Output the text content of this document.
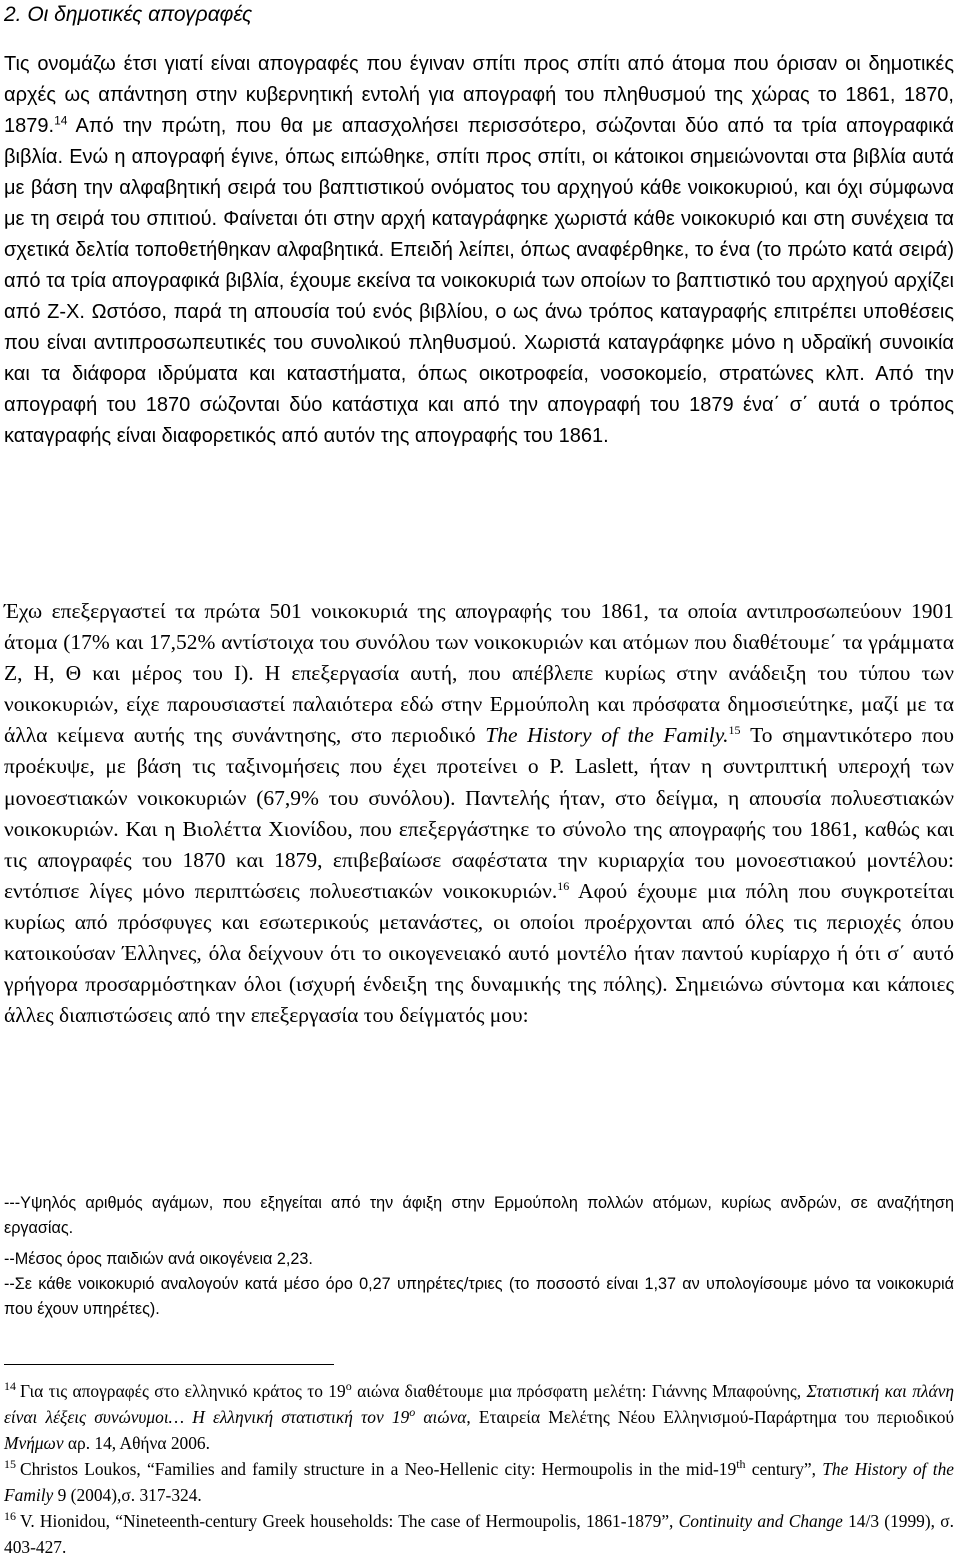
2. Οι δημοτικές απογραφές

Τις ονομάζω έτσι γιατί είναι απογραφές που έγιναν σπίτι προς σπίτι από άτομα που όρισαν οι δημοτικές αρχές ως απάντηση στην κυβερνητική εντολή για απογραφή του πληθυσμού της χώρας το 1861, 1870, 1879.14 Από την πρώτη, που θα με απασχολήσει περισσότερο, σώζονται δύο από τα τρία απογραφικά βιβλία. Ενώ η απογραφή έγινε, όπως ειπώθηκε, σπίτι προς σπίτι, οι κάτοικοι σημειώνονται στα βιβλία αυτά με βάση την αλφαβητική σειρά του βαπτιστικού ονόματος του αρχηγού κάθε νοικοκυριού, και όχι σύμφωνα με τη σειρά του σπιτιού. Φαίνεται ότι στην αρχή καταγράφηκε χωριστά κάθε νοικοκυριό και στη συνέχεια τα σχετικά δελτία τοποθετήθηκαν αλφαβητικά. Επειδή λείπει, όπως αναφέρθηκε, το ένα (το πρώτο κατά σειρά) από τα τρία απογραφικά βιβλία, έχουμε εκείνα τα νοικοκυριά των οποίων το βαπτιστικό του αρχηγού αρχίζει από Ζ-Χ. Ωστόσο, παρά τη απουσία τού ενός βιβλίου, ο ως άνω τρόπος καταγραφής επιτρέπει υποθέσεις που είναι αντιπροσωπευτικές του συνολικού πληθυσμού. Χωριστά καταγράφηκε μόνο η υδραϊκή συνοικία και τα διάφορα ιδρύματα και καταστήματα, όπως οικοτροφεία, νοσοκομείο, στρατώνες κλπ. Από την απογραφή του 1870 σώζονται δύο κατάστιχα και από την απογραφή του 1879 ένα΄ σ΄ αυτά ο τρόπος καταγραφής είναι διαφορετικός από αυτόν της απογραφής του 1861.

Έχω επεξεργαστεί τα πρώτα 501 νοικοκυριά της απογραφής του 1861, τα οποία αντιπροσωπεύουν 1901 άτομα (17% και 17,52% αντίστοιχα του συνόλου των νοικοκυριών και ατόμων που διαθέτουμε΄ τα γράμματα Ζ, Η, Θ και μέρος του Ι). Η επεξεργασία αυτή, που απέβλεπε κυρίως στην ανάδειξη του τύπου των νοικοκυριών, είχε παρουσιαστεί παλαιότερα εδώ στην Ερμούπολη και πρόσφατα δημοσιεύτηκε, μαζί με τα άλλα κείμενα αυτής της συνάντησης, στο περιοδικό The History of the Family.$^{15}$ Το σημαντικότερο που προέκυψε, με βάση τις ταξινομήσεις που έχει προτείνει ο P. Laslett, ήταν η συντριπτική υπεροχή των μονοεστιακών νοικοκυριών (67,9% του συνόλου). Παντελής ήταν, στο δείγμα, η απουσία πολυεστιακών νοικοκυριών. Και η Βιολέττα Χιονίδου, που επεξεργάστηκε το σύνολο της απογραφής του 1861, καθώς και τις απογραφές του 1870 και 1879, επιβεβαίωσε σαφέστατα την κυριαρχία του μονοεστιακού μοντέλου: εντόπισε λίγες μόνο περιπτώσεις πολυεστιακών νοικοκυριών.$^{16}$ Αφού έχουμε μια πόλη που συγκροτείται κυρίως από πρόσφυγες και εσωτερικούς μετανάστες, οι οποίοι προέρχονται από όλες τις περιοχές όπου κατοικούσαν Έλληνες, όλα δείχνουν ότι το οικογενειακό αυτό μοντέλο ήταν παντού κυρίαρχο ή ότι σ΄ αυτό γρήγορα προσαρμόστηκαν όλοι (ισχυρή ένδειξη της δυναμικής της πόλης). Σημειώνω σύντομα και κάποιες άλλες διαπιστώσεις από την επεξεργασία του δείγματός μου:

---Υψηλός αριθμός αγάμων, που εξηγείται από την άφιξη στην Ερμούπολη πολλών ατόμων, κυρίως ανδρών, σε αναζήτηση εργασίας.

--Μέσος όρος παιδιών ανά οικογένεια 2,23.

--Σε κάθε νοικοκυριό αναλογούν κατά μέσο όρο 0,27 υπηρέτες/τριες (το ποσοστό είναι 1,37 αν υπολογίσουμε μόνο τα νοικοκυριά που έχουν υπηρέτες).

$^{14}$ Για τις απογραφές στο ελληνικό κράτος το $19^o$ αιώνα διαθέτουμε μια πρόσφατη μελέτη: Γιάννης Μπαφούνης, Στατιστική και πλάνη είναι λέξεις συνώνυμοι… Η ελληνική στατιστική τον $19^o$ αιώνα, Εταιρεία Μελέτης Νέου Ελληνισμού-Παράρτημα του περιοδικού Μνήμων αρ. 14, Αθήνα 2006.

$^{15}$ Christos Loukos, “Families and family structure in a Neo-Hellenic city: Hermoupolis in the mid-19th century”, The History of the Family 9 (2004),σ. 317-324.

$^{16}$ V. Hionidou, “Nineteenth-century Greek households: The case of Hermoupolis, 1861-1879”, Continuity and Change 14/3 (1999), σ. 403-427.
